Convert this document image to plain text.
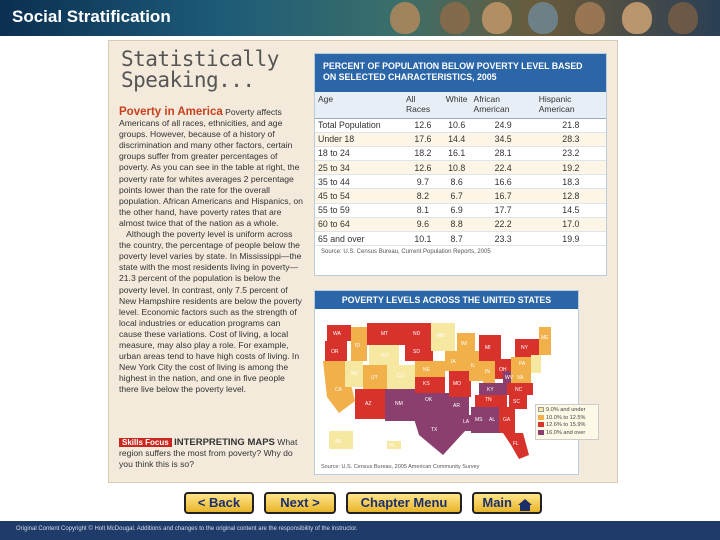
Social Stratification
Statistically Speaking...
Poverty in America Poverty affects Americans of all races, ethnicities, and age groups. However, because of a history of discrimination and many other factors, certain groups suffer from greater percentages of poverty. As you can see in the table at right, the poverty rate for whites averages 2 percentage points lower than the rate for the overall population. African Americans and Hispanics, on the other hand, have poverty rates that are almost twice that of the nation as a whole.
Although the poverty level is uniform across the country, the percentage of people below the poverty level varies by state. In Mississippi—the state with the most residents living in poverty—21.3 percent of the population is below the poverty level. In contrast, only 7.5 percent of New Hampshire residents are below the poverty level. Economic factors such as the strength of local industries or education programs can cause these variations. Cost of living, a local measure, may also play a role. For example, urban areas tend to have high costs of living. In New York City the cost of living is among the highest in the nation, and one in five people there live below the poverty level.
Skills Focus INTERPRETING MAPS What region suffers the most from poverty? Why do you think this is so?
PERCENT OF POPULATION BELOW POVERTY LEVEL BASED ON SELECTED CHARACTERISTICS, 2005
Age	All Races	White	African American	Hispanic American
Total Population	12.6	10.6	24.9	21.8
Under 18	17.6	14.4	34.5	28.3
18 to 24	18.2	16.1	28.1	23.2
25 to 34	12.6	10.8	22.4	19.2
35 to 44	9.7	8.6	16.6	18.3
45 to 54	8.2	6.7	16.7	12.8
55 to 59	8.1	6.9	17.7	14.5
60 to 64	9.6	8.8	22.2	17.0
65 and over	10.1	8.7	23.3	19.9
Source: U.S. Census Bureau, Current Population Reports, 2005
POVERTY LEVELS ACROSS THE UNITED STATES
WA
OR
CA
NV
ID
MT
WY
UT
AZ	NM
CO
ND
SD
NE
KS
OK
TX
MN
IA
MO
AR
LA
WI
IL
MI
IN OH
KY
TN
MS AL GA
FL
SC
NC
VA
WV
PA
NY
ME
AK
HI
9.0% and under
10.0% to 12.5%
12.6% to 15.9%
16.0% and over
Source: U.S. Census Bureau, 2005 American Community Survey
< Back	Next >	Chapter Menu	Main
Original Content Copyright © Holt McDougal. Additions and changes to the original content are the responsibility of the instructor.
